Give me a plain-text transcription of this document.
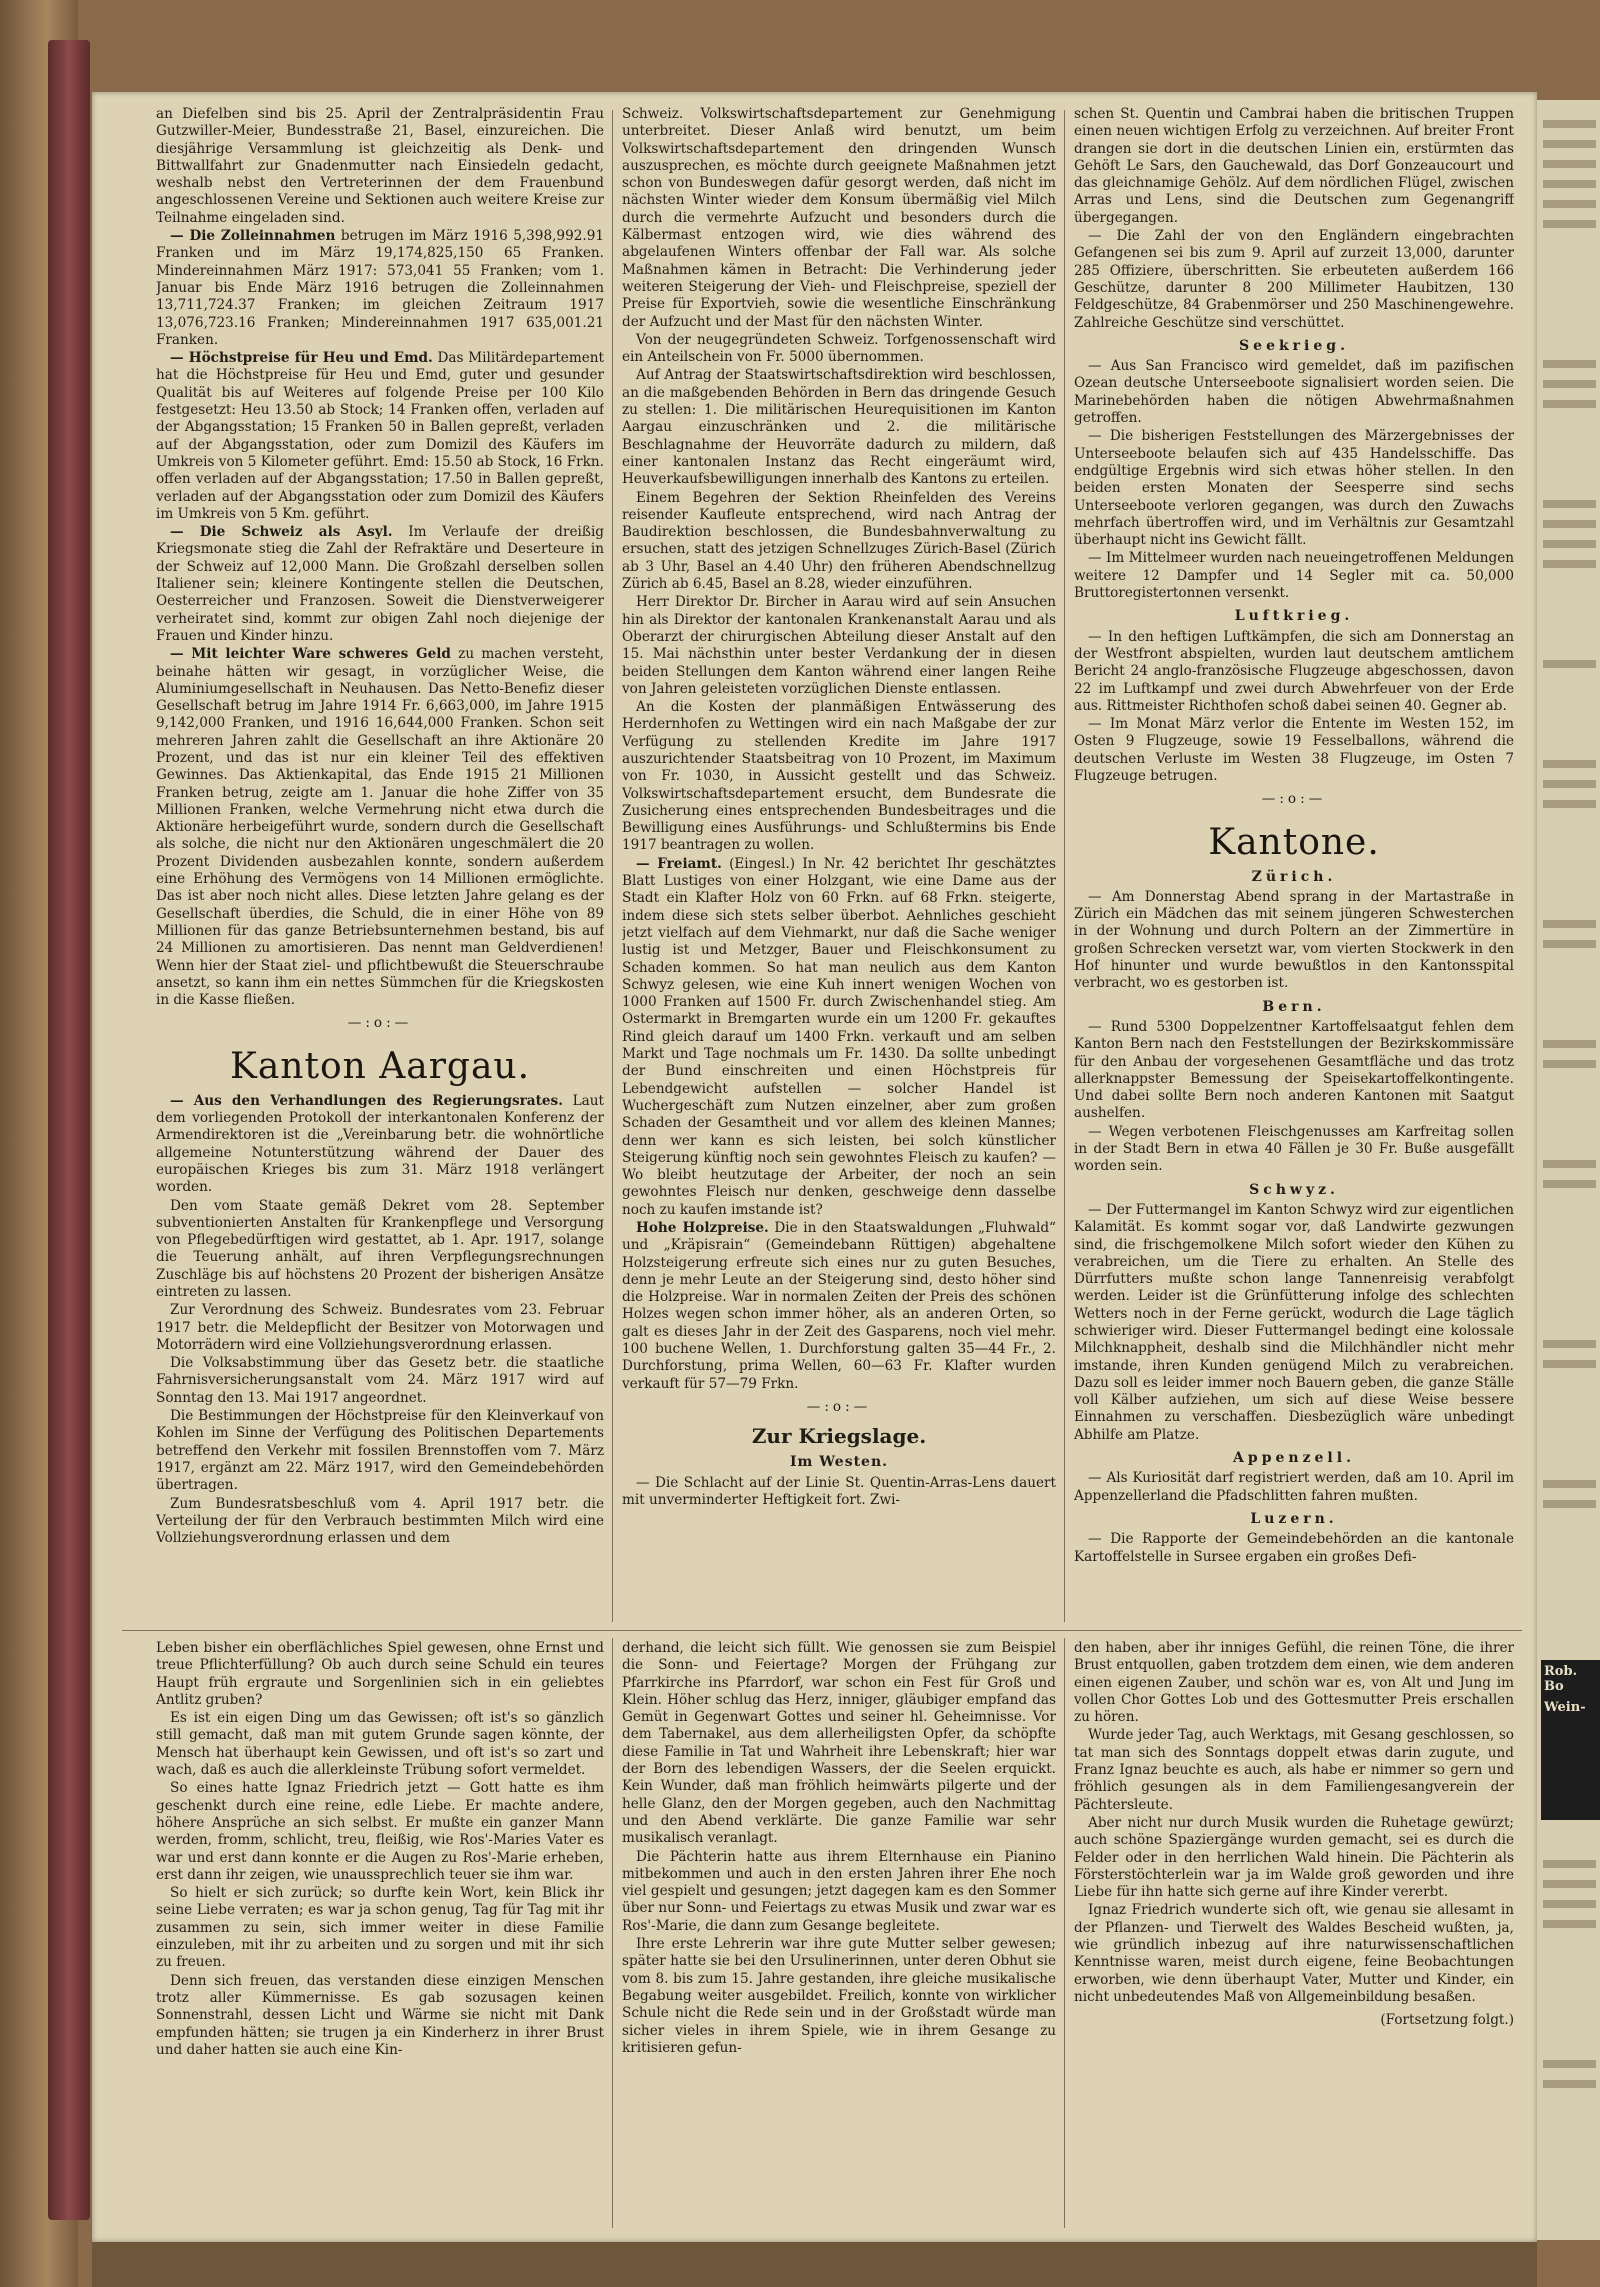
an Diefelben sind bis 25. April der Zentralpräsidentin Frau Gutzwiller-Meier, Bundesstraße 21, Basel, einzureichen. Die diesjährige Versammlung ist gleichzeitig als Denk- und Bittwallfahrt zur Gnadenmutter nach Einsiedeln gedacht, weshalb nebst den Vertreterinnen der dem Frauenbund angeschlossenen Vereine und Sektionen auch weitere Kreise zur Teilnahme eingeladen sind.

— Die Zolleinnahmen betrugen im März 1916 5,398,992.91 Franken und im März 19,174,825,150 65 Franken. Mindereinnahmen März 1917: 573,041 55 Franken; vom 1. Januar bis Ende März 1916 betrugen die Zolleinnahmen 13,711,724.37 Franken; im gleichen Zeitraum 1917 13,076,723.16 Franken; Mindereinnahmen 1917 635,001.21 Franken.

— Höchstpreise für Heu und Emd. Das Militärdepartement hat die Höchstpreise für Heu und Emd, guter und gesunder Qualität bis auf Weiteres auf folgende Preise per 100 Kilo festgesetzt: Heu 13.50 ab Stock; 14 Franken offen, verladen auf der Abgangsstation; 15 Franken 50 in Ballen gepreßt, verladen auf der Abgangsstation, oder zum Domizil des Käufers im Umkreis von 5 Kilometer geführt. Emd: 15.50 ab Stock, 16 Frkn. offen verladen auf der Abgangsstation; 17.50 in Ballen gepreßt, verladen auf der Abgangsstation oder zum Domizil des Käufers im Umkreis von 5 Km. geführt.

— Die Schweiz als Asyl. Im Verlaufe der dreißig Kriegsmonate stieg die Zahl der Refraktäre und Deserteure in der Schweiz auf 12,000 Mann. Die Großzahl derselben sollen Italiener sein; kleinere Kontingente stellen die Deutschen, Oesterreicher und Franzosen. Soweit die Dienstverweigerer verheiratet sind, kommt zur obigen Zahl noch diejenige der Frauen und Kinder hinzu.

— Mit leichter Ware schweres Geld zu machen versteht, beinahe hätten wir gesagt, in vorzüglicher Weise, die Aluminiumgesellschaft in Neuhausen. Das Netto-Benefiz dieser Gesellschaft betrug im Jahre 1914 Fr. 6,663,000, im Jahre 1915 9,142,000 Franken, und 1916 16,644,000 Franken. Schon seit mehreren Jahren zahlt die Gesellschaft an ihre Aktionäre 20 Prozent, und das ist nur ein kleiner Teil des effektiven Gewinnes. Das Aktienkapital, das Ende 1915 21 Millionen Franken betrug, zeigte am 1. Januar die hohe Ziffer von 35 Millionen Franken, welche Vermehrung nicht etwa durch die Aktionäre herbeigeführt wurde, sondern durch die Gesellschaft als solche, die nicht nur den Aktionären ungeschmälert die 20 Prozent Dividenden ausbezahlen konnte, sondern außerdem eine Erhöhung des Vermögens von 14 Millionen ermöglichte. Das ist aber noch nicht alles. Diese letzten Jahre gelang es der Gesellschaft überdies, die Schuld, die in einer Höhe von 89 Millionen für das ganze Betriebsunternehmen bestand, bis auf 24 Millionen zu amortisieren. Das nennt man Geldverdienen! Wenn hier der Staat ziel- und pflichtbewußt die Steuerschraube ansetzt, so kann ihm ein nettes Sümmchen für die Kriegskosten in die Kasse fließen.

—:o:—
Kanton Aargau.

— Aus den Verhandlungen des Regierungsrates. Laut dem vorliegenden Protokoll der interkantonalen Konferenz der Armendirektoren ist die „Vereinbarung betr. die wohnörtliche allgemeine Notunterstützung während der Dauer des europäischen Krieges bis zum 31. März 1918 verlängert worden.

Den vom Staate gemäß Dekret vom 28. September subventionierten Anstalten für Krankenpflege und Versorgung von Pflegebedürftigen wird gestattet, ab 1. Apr. 1917, solange die Teuerung anhält, auf ihren Verpflegungsrechnungen Zuschläge bis auf höchstens 20 Prozent der bisherigen Ansätze eintreten zu lassen.

Zur Verordnung des Schweiz. Bundesrates vom 23. Februar 1917 betr. die Meldepflicht der Besitzer von Motorwagen und Motorrädern wird eine Vollziehungsverordnung erlassen.

Die Volksabstimmung über das Gesetz betr. die staatliche Fahrnisversicherungsanstalt vom 24. März 1917 wird auf Sonntag den 13. Mai 1917 angeordnet.

Die Bestimmungen der Höchstpreise für den Kleinverkauf von Kohlen im Sinne der Verfügung des Politischen Departements betreffend den Verkehr mit fossilen Brennstoffen vom 7. März 1917, ergänzt am 22. März 1917, wird den Gemeindebehörden übertragen.

Zum Bundesratsbeschluß vom 4. April 1917 betr. die Verteilung der für den Verbrauch bestimmten Milch wird eine Vollziehungsverordnung erlassen und dem

Schweiz. Volkswirtschaftsdepartement zur Genehmigung unterbreitet. Dieser Anlaß wird benutzt, um beim Volkswirtschaftsdepartement den dringenden Wunsch auszusprechen, es möchte durch geeignete Maßnahmen jetzt schon von Bundeswegen dafür gesorgt werden, daß nicht im nächsten Winter wieder dem Konsum übermäßig viel Milch durch die vermehrte Aufzucht und besonders durch die Kälbermast entzogen wird, wie dies während des abgelaufenen Winters offenbar der Fall war. Als solche Maßnahmen kämen in Betracht: Die Verhinderung jeder weiteren Steigerung der Vieh- und Fleischpreise, speziell der Preise für Exportvieh, sowie die wesentliche Einschränkung der Aufzucht und der Mast für den nächsten Winter.

Von der neugegründeten Schweiz. Torfgenossenschaft wird ein Anteilschein von Fr. 5000 übernommen.

Auf Antrag der Staatswirtschaftsdirektion wird beschlossen, an die maßgebenden Behörden in Bern das dringende Gesuch zu stellen: 1. Die militärischen Heurequisitionen im Kanton Aargau einzuschränken und 2. die militärische Beschlagnahme der Heuvorräte dadurch zu mildern, daß einer kantonalen Instanz das Recht eingeräumt wird, Heuverkaufsbewilligungen innerhalb des Kantons zu erteilen.

Einem Begehren der Sektion Rheinfelden des Vereins reisender Kaufleute entsprechend, wird nach Antrag der Baudirektion beschlossen, die Bundesbahnverwaltung zu ersuchen, statt des jetzigen Schnellzuges Zürich-Basel (Zürich ab 3 Uhr, Basel an 4.40 Uhr) den früheren Abendschnellzug Zürich ab 6.45, Basel an 8.28, wieder einzuführen.

Herr Direktor Dr. Bircher in Aarau wird auf sein Ansuchen hin als Direktor der kantonalen Krankenanstalt Aarau und als Oberarzt der chirurgischen Abteilung dieser Anstalt auf den 15. Mai nächsthin unter bester Verdankung der in diesen beiden Stellungen dem Kanton während einer langen Reihe von Jahren geleisteten vorzüglichen Dienste entlassen.

An die Kosten der planmäßigen Entwässerung des Herdernhofen zu Wettingen wird ein nach Maßgabe der zur Verfügung zu stellenden Kredite im Jahre 1917 auszurichtender Staatsbeitrag von 10 Prozent, im Maximum von Fr. 1030, in Aussicht gestellt und das Schweiz. Volkswirtschaftsdepartement ersucht, dem Bundesrate die Zusicherung eines entsprechenden Bundesbeitrages und die Bewilligung eines Ausführungs- und Schlußtermins bis Ende 1917 beantragen zu wollen.

— Freiamt. (Eingesl.) In Nr. 42 berichtet Ihr geschätztes Blatt Lustiges von einer Holzgant, wie eine Dame aus der Stadt ein Klafter Holz von 60 Frkn. auf 68 Frkn. steigerte, indem diese sich stets selber überbot. Aehnliches geschieht jetzt vielfach auf dem Viehmarkt, nur daß die Sache weniger lustig ist und Metzger, Bauer und Fleischkonsument zu Schaden kommen. So hat man neulich aus dem Kanton Schwyz gelesen, wie eine Kuh innert wenigen Wochen von 1000 Franken auf 1500 Fr. durch Zwischenhandel stieg. Am Ostermarkt in Bremgarten wurde ein um 1200 Fr. gekauftes Rind gleich darauf um 1400 Frkn. verkauft und am selben Markt und Tage nochmals um Fr. 1430. Da sollte unbedingt der Bund einschreiten und einen Höchstpreis für Lebendgewicht aufstellen — solcher Handel ist Wuchergeschäft zum Nutzen einzelner, aber zum großen Schaden der Gesamtheit und vor allem des kleinen Mannes; denn wer kann es sich leisten, bei solch künstlicher Steigerung künftig noch sein gewohntes Fleisch zu kaufen? — Wo bleibt heutzutage der Arbeiter, der noch an sein gewohntes Fleisch nur denken, geschweige denn dasselbe noch zu kaufen imstande ist?

Hohe Holzpreise. Die in den Staatswaldungen „Fluhwald“ und „Kräpisrain“ (Gemeindebann Rüttigen) abgehaltene Holzsteigerung erfreute sich eines nur zu guten Besuches, denn je mehr Leute an der Steigerung sind, desto höher sind die Holzpreise. War in normalen Zeiten der Preis des schönen Holzes wegen schon immer höher, als an anderen Orten, so galt es dieses Jahr in der Zeit des Gasparens, noch viel mehr. 100 buchene Wellen, 1. Durchforstung galten 35—44 Fr., 2. Durchforstung, prima Wellen, 60—63 Fr. Klafter wurden verkauft für 57—79 Frkn.

—:o:—
Zur Kriegslage.
Im Westen.

— Die Schlacht auf der Linie St. Quentin-Arras-Lens dauert mit unverminderter Heftigkeit fort. Zwi-

schen St. Quentin und Cambrai haben die britischen Truppen einen neuen wichtigen Erfolg zu verzeichnen. Auf breiter Front drangen sie dort in die deutschen Linien ein, erstürmten das Gehöft Le Sars, den Gauchewald, das Dorf Gonzeaucourt und das gleichnamige Gehölz. Auf dem nördlichen Flügel, zwischen Arras und Lens, sind die Deutschen zum Gegenangriff übergegangen.

— Die Zahl der von den Engländern eingebrachten Gefangenen sei bis zum 9. April auf zurzeit 13,000, darunter 285 Offiziere, überschritten. Sie erbeuteten außerdem 166 Geschütze, darunter 8 200 Millimeter Haubitzen, 130 Feldgeschütze, 84 Grabenmörser und 250 Maschinengewehre. Zahlreiche Geschütze sind verschüttet.

Seekrieg.

— Aus San Francisco wird gemeldet, daß im pazifischen Ozean deutsche Unterseeboote signalisiert worden seien. Die Marinebehörden haben die nötigen Abwehrmaßnahmen getroffen.

— Die bisherigen Feststellungen des Märzergebnisses der Unterseeboote belaufen sich auf 435 Handelsschiffe. Das endgültige Ergebnis wird sich etwas höher stellen. In den beiden ersten Monaten der Seesperre sind sechs Unterseeboote verloren gegangen, was durch den Zuwachs mehrfach übertroffen wird, und im Verhältnis zur Gesamtzahl überhaupt nicht ins Gewicht fällt.

— Im Mittelmeer wurden nach neueingetroffenen Meldungen weitere 12 Dampfer und 14 Segler mit ca. 50,000 Bruttoregistertonnen versenkt.

Luftkrieg.

— In den heftigen Luftkämpfen, die sich am Donnerstag an der Westfront abspielten, wurden laut deutschem amtlichem Bericht 24 anglo-französische Flugzeuge abgeschossen, davon 22 im Luftkampf und zwei durch Abwehrfeuer von der Erde aus. Rittmeister Richthofen schoß dabei seinen 40. Gegner ab.

— Im Monat März verlor die Entente im Westen 152, im Osten 9 Flugzeuge, sowie 19 Fesselballons, während die deutschen Verluste im Westen 38 Flugzeuge, im Osten 7 Flugzeuge betrugen.

—:o:—
Kantone.
Zürich.

— Am Donnerstag Abend sprang in der Martastraße in Zürich ein Mädchen das mit seinem jüngeren Schwesterchen in der Wohnung und durch Poltern an der Zimmertüre in großen Schrecken versetzt war, vom vierten Stockwerk in den Hof hinunter und wurde bewußtlos in den Kantonsspital verbracht, wo es gestorben ist.

Bern.

— Rund 5300 Doppelzentner Kartoffelsaatgut fehlen dem Kanton Bern nach den Feststellungen der Bezirkskommissäre für den Anbau der vorgesehenen Gesamtfläche und das trotz allerknappster Bemessung der Speisekartoffelkontingente. Und dabei sollte Bern noch anderen Kantonen mit Saatgut aushelfen.

— Wegen verbotenen Fleischgenusses am Karfreitag sollen in der Stadt Bern in etwa 40 Fällen je 30 Fr. Buße ausgefällt worden sein.

Schwyz.

— Der Futtermangel im Kanton Schwyz wird zur eigentlichen Kalamität. Es kommt sogar vor, daß Landwirte gezwungen sind, die frischgemolkene Milch sofort wieder den Kühen zu verabreichen, um die Tiere zu erhalten. An Stelle des Dürrfutters mußte schon lange Tannenreisig verabfolgt werden. Leider ist die Grünfütterung infolge des schlechten Wetters noch in der Ferne gerückt, wodurch die Lage täglich schwieriger wird. Dieser Futtermangel bedingt eine kolossale Milchknappheit, deshalb sind die Milchhändler nicht mehr imstande, ihren Kunden genügend Milch zu verabreichen. Dazu soll es leider immer noch Bauern geben, die ganze Ställe voll Kälber aufziehen, um sich auf diese Weise bessere Einnahmen zu verschaffen. Diesbezüglich wäre unbedingt Abhilfe am Platze.

Appenzell.

— Als Kuriosität darf registriert werden, daß am 10. April im Appenzellerland die Pfadschlitten fahren mußten.

Luzern.

— Die Rapporte der Gemeindebehörden an die kantonale Kartoffelstelle in Sursee ergaben ein großes Defi-

Leben bisher ein oberflächliches Spiel gewesen, ohne Ernst und treue Pflichterfüllung? Ob auch durch seine Schuld ein teures Haupt früh ergraute und Sorgenlinien sich in ein geliebtes Antlitz gruben?

Es ist ein eigen Ding um das Gewissen; oft ist's so gänzlich still gemacht, daß man mit gutem Grunde sagen könnte, der Mensch hat überhaupt kein Gewissen, und oft ist's so zart und wach, daß es auch die allerkleinste Trübung sofort vermeldet.

So eines hatte Ignaz Friedrich jetzt — Gott hatte es ihm geschenkt durch eine reine, edle Liebe. Er machte andere, höhere Ansprüche an sich selbst. Er mußte ein ganzer Mann werden, fromm, schlicht, treu, fleißig, wie Ros'-Maries Vater es war und erst dann konnte er die Augen zu Ros'-Marie erheben, erst dann ihr zeigen, wie unaussprechlich teuer sie ihm war.

So hielt er sich zurück; so durfte kein Wort, kein Blick ihr seine Liebe verraten; es war ja schon genug, Tag für Tag mit ihr zusammen zu sein, sich immer weiter in diese Familie einzuleben, mit ihr zu arbeiten und zu sorgen und mit ihr sich zu freuen.

Denn sich freuen, das verstanden diese einzigen Menschen trotz aller Kümmernisse. Es gab sozusagen keinen Sonnenstrahl, dessen Licht und Wärme sie nicht mit Dank empfunden hätten; sie trugen ja ein Kinderherz in ihrer Brust und daher hatten sie auch eine Kin-

derhand, die leicht sich füllt. Wie genossen sie zum Beispiel die Sonn- und Feiertage? Morgen der Frühgang zur Pfarrkirche ins Pfarrdorf, war schon ein Fest für Groß und Klein. Höher schlug das Herz, inniger, gläubiger empfand das Gemüt in Gegenwart Gottes und seiner hl. Geheimnisse. Vor dem Tabernakel, aus dem allerheiligsten Opfer, da schöpfte diese Familie in Tat und Wahrheit ihre Lebenskraft; hier war der Born des lebendigen Wassers, der die Seelen erquickt. Kein Wunder, daß man fröhlich heimwärts pilgerte und der helle Glanz, den der Morgen gegeben, auch den Nachmittag und den Abend verklärte. Die ganze Familie war sehr musikalisch veranlagt.

Die Pächterin hatte aus ihrem Elternhause ein Pianino mitbekommen und auch in den ersten Jahren ihrer Ehe noch viel gespielt und gesungen; jetzt dagegen kam es den Sommer über nur Sonn- und Feiertags zu etwas Musik und zwar war es Ros'-Marie, die dann zum Gesange begleitete.

Ihre erste Lehrerin war ihre gute Mutter selber gewesen; später hatte sie bei den Ursulinerinnen, unter deren Obhut sie vom 8. bis zum 15. Jahre gestanden, ihre gleiche musikalische Begabung weiter ausgebildet. Freilich, konnte von wirklicher Schule nicht die Rede sein und in der Großstadt würde man sicher vieles in ihrem Spiele, wie in ihrem Gesange zu kritisieren gefun-

den haben, aber ihr inniges Gefühl, die reinen Töne, die ihrer Brust entquollen, gaben trotzdem dem einen, wie dem anderen einen eigenen Zauber, und schön war es, von Alt und Jung im vollen Chor Gottes Lob und des Gottesmutter Preis erschallen zu hören.

Wurde jeder Tag, auch Werktags, mit Gesang geschlossen, so tat man sich des Sonntags doppelt etwas darin zugute, und Franz Ignaz beuchte es auch, als habe er nimmer so gern und fröhlich gesungen als in dem Familiengesangverein der Pächtersleute.

Aber nicht nur durch Musik wurden die Ruhetage gewürzt; auch schöne Spaziergänge wurden gemacht, sei es durch die Felder oder in den herrlichen Wald hinein. Die Pächterin als Försterstöchterlein war ja im Walde groß geworden und ihre Liebe für ihn hatte sich gerne auf ihre Kinder vererbt.

Ignaz Friedrich wunderte sich oft, wie genau sie allesamt in der Pflanzen- und Tierwelt des Waldes Bescheid wußten, ja, wie gründlich inbezug auf ihre naturwissenschaftlichen Kenntnisse waren, meist durch eigene, feine Beobachtungen erworben, wie denn überhaupt Vater, Mutter und Kinder, ein nicht unbedeutendes Maß von Allgemeinbildung besaßen.

(Fortsetzung folgt.)
Rob. Bo
Wein-
